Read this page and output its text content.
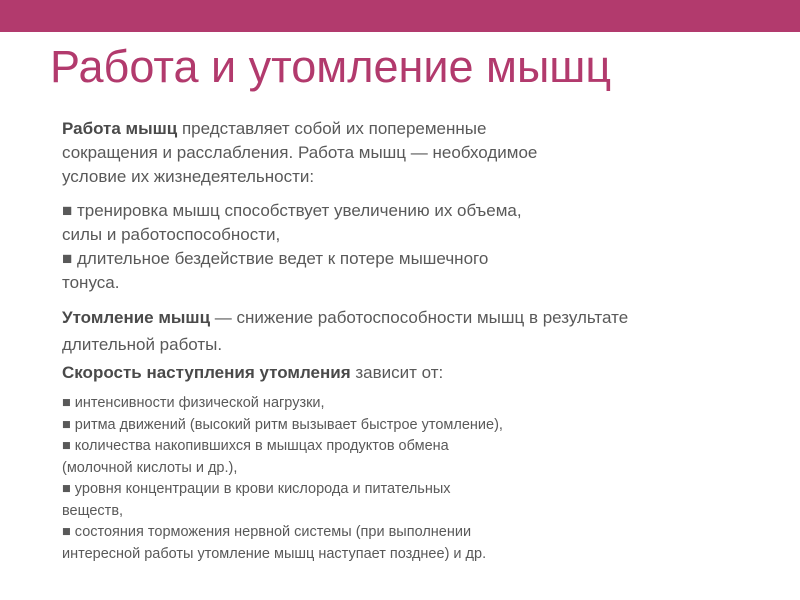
Работа и утомление мышц
Работа мышц представляет собой их попеременные
сокращения и расслабления. Работа мышц — необходимое
условие их жизнедеятельности:
■ тренировка мышц способствует увеличению их объема,
силы и работоспособности,
■ длительное бездействие ведет к потере мышечного
тонуса.
Утомление мышц — снижение работоспособности мышц в результате
длительной работы.
Скорость наступления утомления зависит от:
■ интенсивности физической нагрузки,
■ ритма движений (высокий ритм вызывает быстрое утомление),
■ количества накопившихся в мышцах продуктов обмена
(молочной кислоты и др.),
■ уровня концентрации в крови кислорода и питательных
веществ,
■ состояния торможения нервной системы (при выполнении
интересной работы утомление мышц наступает позднее) и др.
